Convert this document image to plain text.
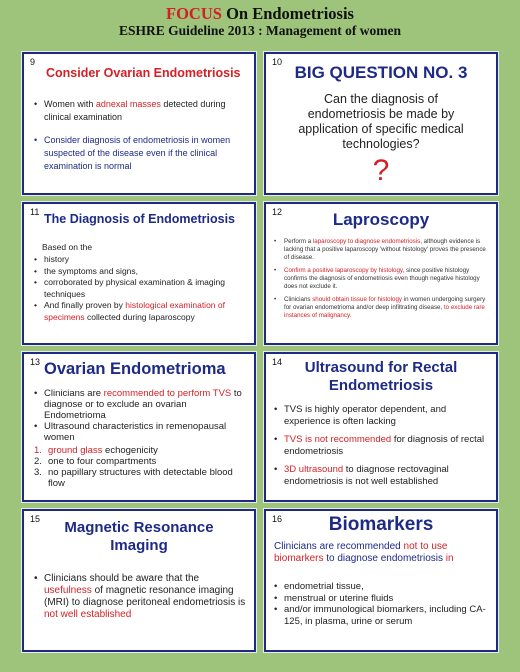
FOCUS On Endometriosis
ESHRE Guideline 2013 : Management of women
9
Consider Ovarian Endometriosis
• Women with adnexal masses detected during clinical examination
• Consider diagnosis of endometriosis in women suspected of the disease even if the clinical examination is normal
10
BIG QUESTION NO. 3
Can the diagnosis of endometriosis be made by application of specific medical technologies?
?
11 The Diagnosis of Endometriosis
Based on the
• history
• the symptoms and signs,
• corroborated by physical examination & imaging techniques
• And finally proven by histological examination of specimens collected during laparoscopy
12	Laproscopy
• Perform a laparoscopy to diagnose endometriosis, although evidence is lacking that a positive laparoscopy 'without histology' proves the presence of disease.
• Confirm a positive laparoscopy by histology, since positive histology confirms the diagnosis of endometriosis even though negative histology does not exclude it.
• Clinicians should obtain tissue for histology in women undergoing surgery for ovarian endometrioma and/or deep infiltrating disease, to exclude rare instances of malignancy.
13 Ovarian Endometrioma
• Clinicians are recommended to perform TVS to diagnose or to exclude an ovarian Endometrioma
• Ultrasound characteristics in remenopausal women
1. ground glass echogenicity
2. one to four compartments
3. no papillary structures with detectable blood flow
14	Ultrasound for Rectal Endometriosis
• TVS is highly operator dependent, and experience is often lacking
• TVS is not recommended for diagnosis of rectal endometriosis
• 3D ultrasound to diagnose rectovaginal endometriosis is not well established
15	Magnetic Resonance Imaging
• Clinicians should be aware that the usefulness of magnetic resonance imaging (MRI) to diagnose peritoneal endometriosis is not well established
16	Biomarkers
Clinicians are recommended not to use biomarkers to diagnose endometriosis in
• endometrial tissue,
• menstrual or uterine fluids
• and/or immunological biomarkers, including CA-125, in plasma, urine or serum
